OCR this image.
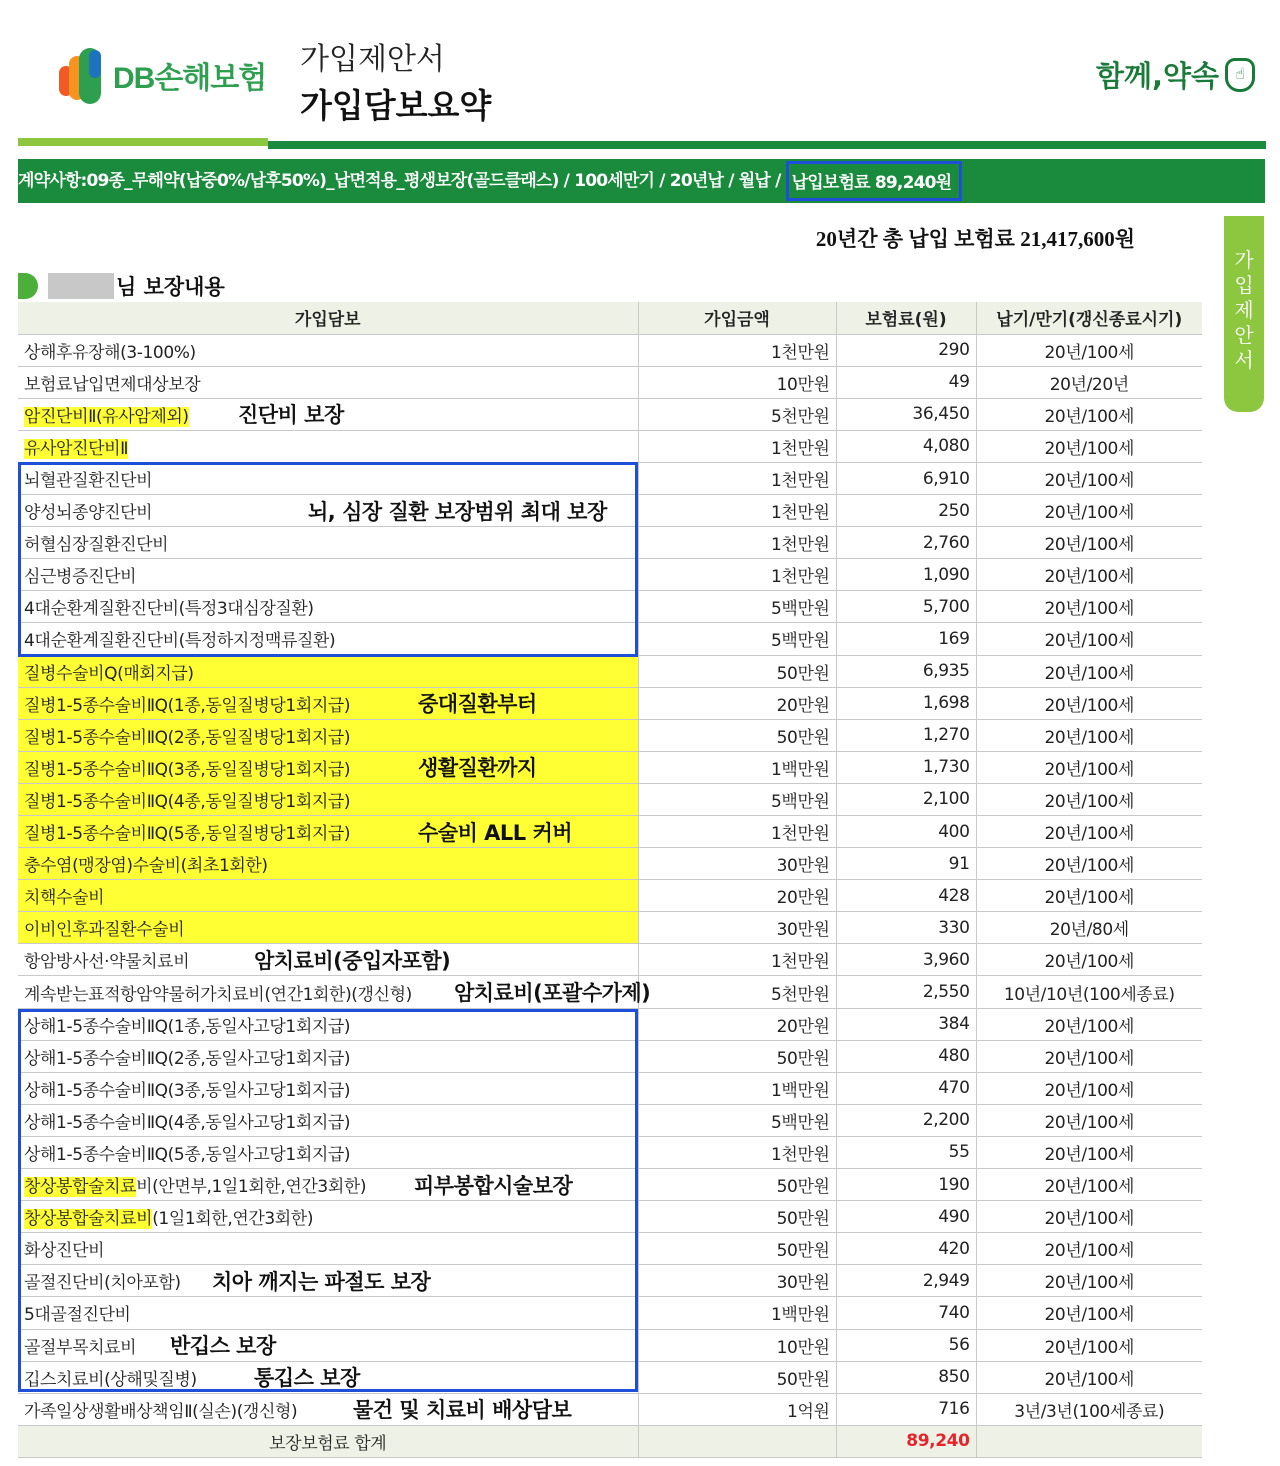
DB손해보험
가입제안서
가입담보요약
함께,약속	☝
계약사항:09종_무해약(납중0%/납후50%)_납면적용_평생보장(골드클래스) / 100세만기 / 20년납 / 월납 / 납입보험료 89,240원
20년간 총 납입 보험료 21,417,600원
가
입
제
안
서
님 보장내용
가입담보	가입금액	보험료(원)	납기/만기(갱신종료시기)
상해후유장해(3-100%)	1천만원	290	20년/100세
보험료납입면제대상보장	10만원	49	20년/20년
암진단비Ⅱ(유사암제외) 진단비 보장	5천만원	36,450	20년/100세
유사암진단비Ⅱ	1천만원	4,080	20년/100세
뇌혈관질환진단비	1천만원	6,910	20년/100세
양성뇌종양진단비 뇌, 심장 질환 보장범위 최대 보장	1천만원	250	20년/100세
허혈심장질환진단비	1천만원	2,760	20년/100세
심근병증진단비	1천만원	1,090	20년/100세
4대순환계질환진단비(특정3대심장질환)	5백만원	5,700	20년/100세
4대순환계질환진단비(특정하지정맥류질환)	5백만원	169	20년/100세
질병수술비Q(매회지급)	50만원	6,935	20년/100세
질병1-5종수술비ⅡQ(1종,동일질병당1회지급) 중대질환부터	20만원	1,698	20년/100세
질병1-5종수술비ⅡQ(2종,동일질병당1회지급)	50만원	1,270	20년/100세
질병1-5종수술비ⅡQ(3종,동일질병당1회지급) 생활질환까지	1백만원	1,730	20년/100세
질병1-5종수술비ⅡQ(4종,동일질병당1회지급)	5백만원	2,100	20년/100세
질병1-5종수술비ⅡQ(5종,동일질병당1회지급) 수술비 ALL 커버	1천만원	400	20년/100세
충수염(맹장염)수술비(최초1회한)	30만원	91	20년/100세
치핵수술비	20만원	428	20년/100세
이비인후과질환수술비	30만원	330	20년/80세
항암방사선·약물치료비 암치료비(중입자포함)	1천만원	3,960	20년/100세
계속받는표적항암약물허가치료비(연간1회한)(갱신형) 암치료비(포괄수가제)	5천만원	2,550	10년/10년(100세종료)
상해1-5종수술비ⅡQ(1종,동일사고당1회지급)	20만원	384	20년/100세
상해1-5종수술비ⅡQ(2종,동일사고당1회지급)	50만원	480	20년/100세
상해1-5종수술비ⅡQ(3종,동일사고당1회지급)	1백만원	470	20년/100세
상해1-5종수술비ⅡQ(4종,동일사고당1회지급)	5백만원	2,200	20년/100세
상해1-5종수술비ⅡQ(5종,동일사고당1회지급)	1천만원	55	20년/100세
창상봉합술치료비(안면부,1일1회한,연간3회한) 피부봉합시술보장	50만원	190	20년/100세
창상봉합술치료비(1일1회한,연간3회한)	50만원	490	20년/100세
화상진단비	50만원	420	20년/100세
골절진단비(치아포함) 치아 깨지는 파절도 보장	30만원	2,949	20년/100세
5대골절진단비	1백만원	740	20년/100세
골절부목치료비 반깁스 보장	10만원	56	20년/100세
깁스치료비(상해및질병) 통깁스 보장	50만원	850	20년/100세
가족일상생활배상책임Ⅱ(실손)(갱신형) 물건 및 치료비 배상담보	1억원	716	3년/3년(100세종료)
보장보험료 합계		89,240	
